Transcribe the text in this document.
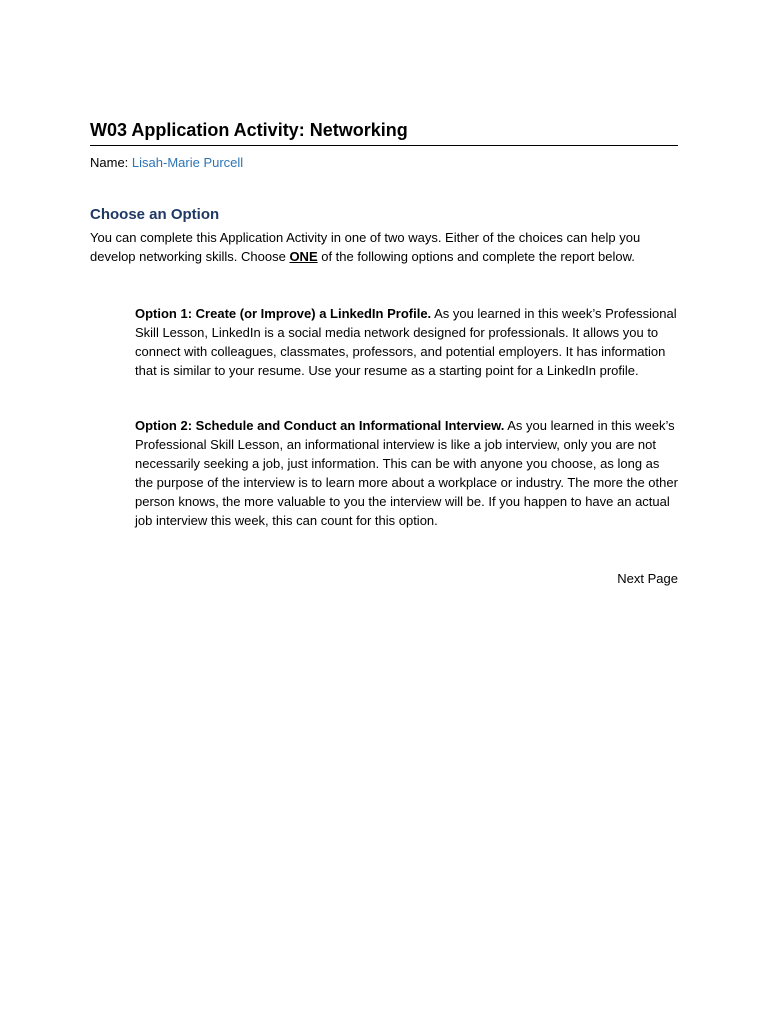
W03 Application Activity: Networking
Name: Lisah-Marie Purcell
Choose an Option
You can complete this Application Activity in one of two ways. Either of the choices can help you develop networking skills. Choose ONE of the following options and complete the report below.
Option 1: Create (or Improve) a LinkedIn Profile. As you learned in this week’s Professional Skill Lesson, LinkedIn is a social media network designed for professionals. It allows you to connect with colleagues, classmates, professors, and potential employers. It has information that is similar to your resume. Use your resume as a starting point for a LinkedIn profile.
Option 2: Schedule and Conduct an Informational Interview. As you learned in this week’s Professional Skill Lesson, an informational interview is like a job interview, only you are not necessarily seeking a job, just information. This can be with anyone you choose, as long as the purpose of the interview is to learn more about a workplace or industry. The more the other person knows, the more valuable to you the interview will be. If you happen to have an actual job interview this week, this can count for this option.
Next Page
